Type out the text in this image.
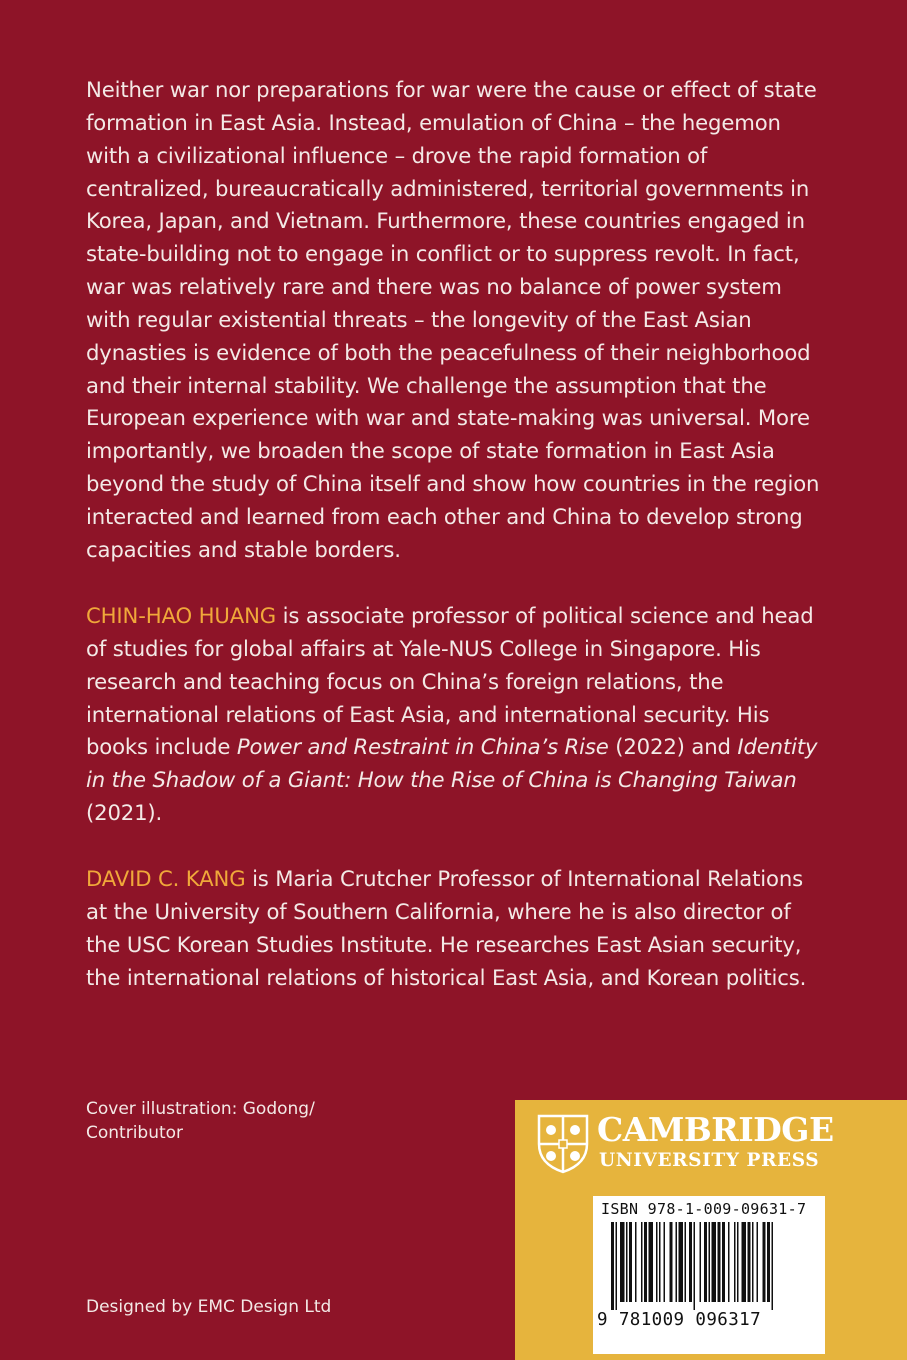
Neither war nor preparations for war were the cause or effect of state formation in East Asia. Instead, emulation of China – the hegemon with a civilizational influence – drove the rapid formation of centralized, bureaucratically administered, territorial governments in Korea, Japan, and Vietnam. Furthermore, these countries engaged in state-building not to engage in conflict or to suppress revolt. In fact, war was relatively rare and there was no balance of power system with regular existential threats – the longevity of the East Asian dynasties is evidence of both the peacefulness of their neighborhood and their internal stability. We challenge the assumption that the European experience with war and state-making was universal. More importantly, we broaden the scope of state formation in East Asia beyond the study of China itself and show how countries in the region interacted and learned from each other and China to develop strong capacities and stable borders.

CHIN-HAO HUANG is associate professor of political science and head of studies for global affairs at Yale-NUS College in Singapore. His research and teaching focus on China’s foreign relations, the international relations of East Asia, and international security. His books include Power and Restraint in China’s Rise (2022) and Identity in the Shadow of a Giant: How the Rise of China is Changing Taiwan (2021).

DAVID C. KANG is Maria Crutcher Professor of International Relations at the University of Southern California, where he is also director of the USC Korean Studies Institute. He researches East Asian security, the international relations of historical East Asia, and Korean politics.

Cover illustration: Godong/ Contributor
Designed by EMC Design Ltd
CAMBRIDGE
UNIVERSITY PRESS
ISBN 978-1-009-09631-7
9 781009 096317
